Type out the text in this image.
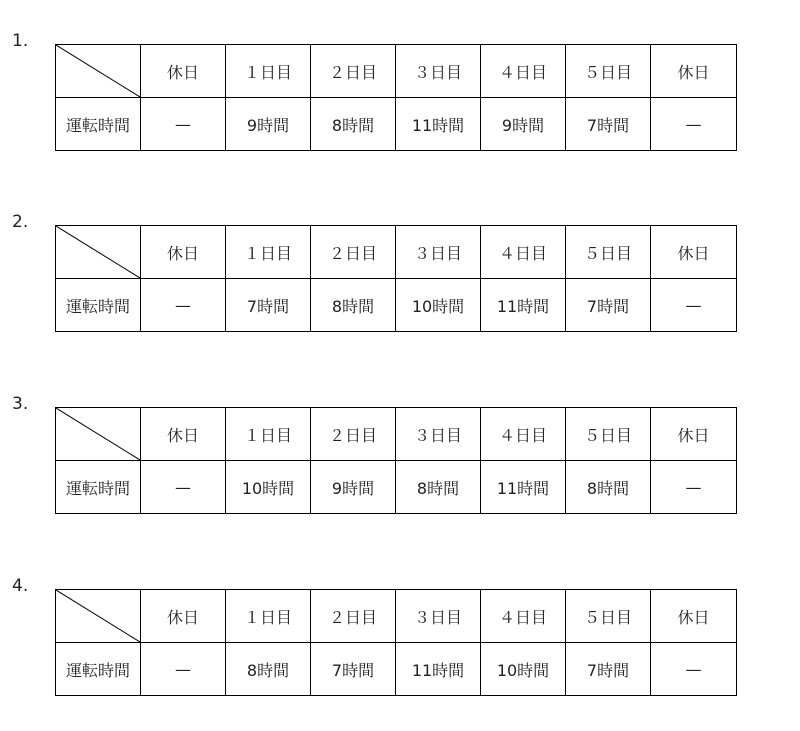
1.
	休日	１日目	２日目	３日目	４日目	５日目	休日
運転時間	—	9時間	8時間	11時間	9時間	7時間	—
2.
	休日	１日目	２日目	３日目	４日目	５日目	休日
運転時間	—	7時間	8時間	10時間	11時間	7時間	—
3.
	休日	１日目	２日目	３日目	４日目	５日目	休日
運転時間	—	10時間	9時間	8時間	11時間	8時間	—
4.
	休日	１日目	２日目	３日目	４日目	５日目	休日
運転時間	—	8時間	7時間	11時間	10時間	7時間	—
